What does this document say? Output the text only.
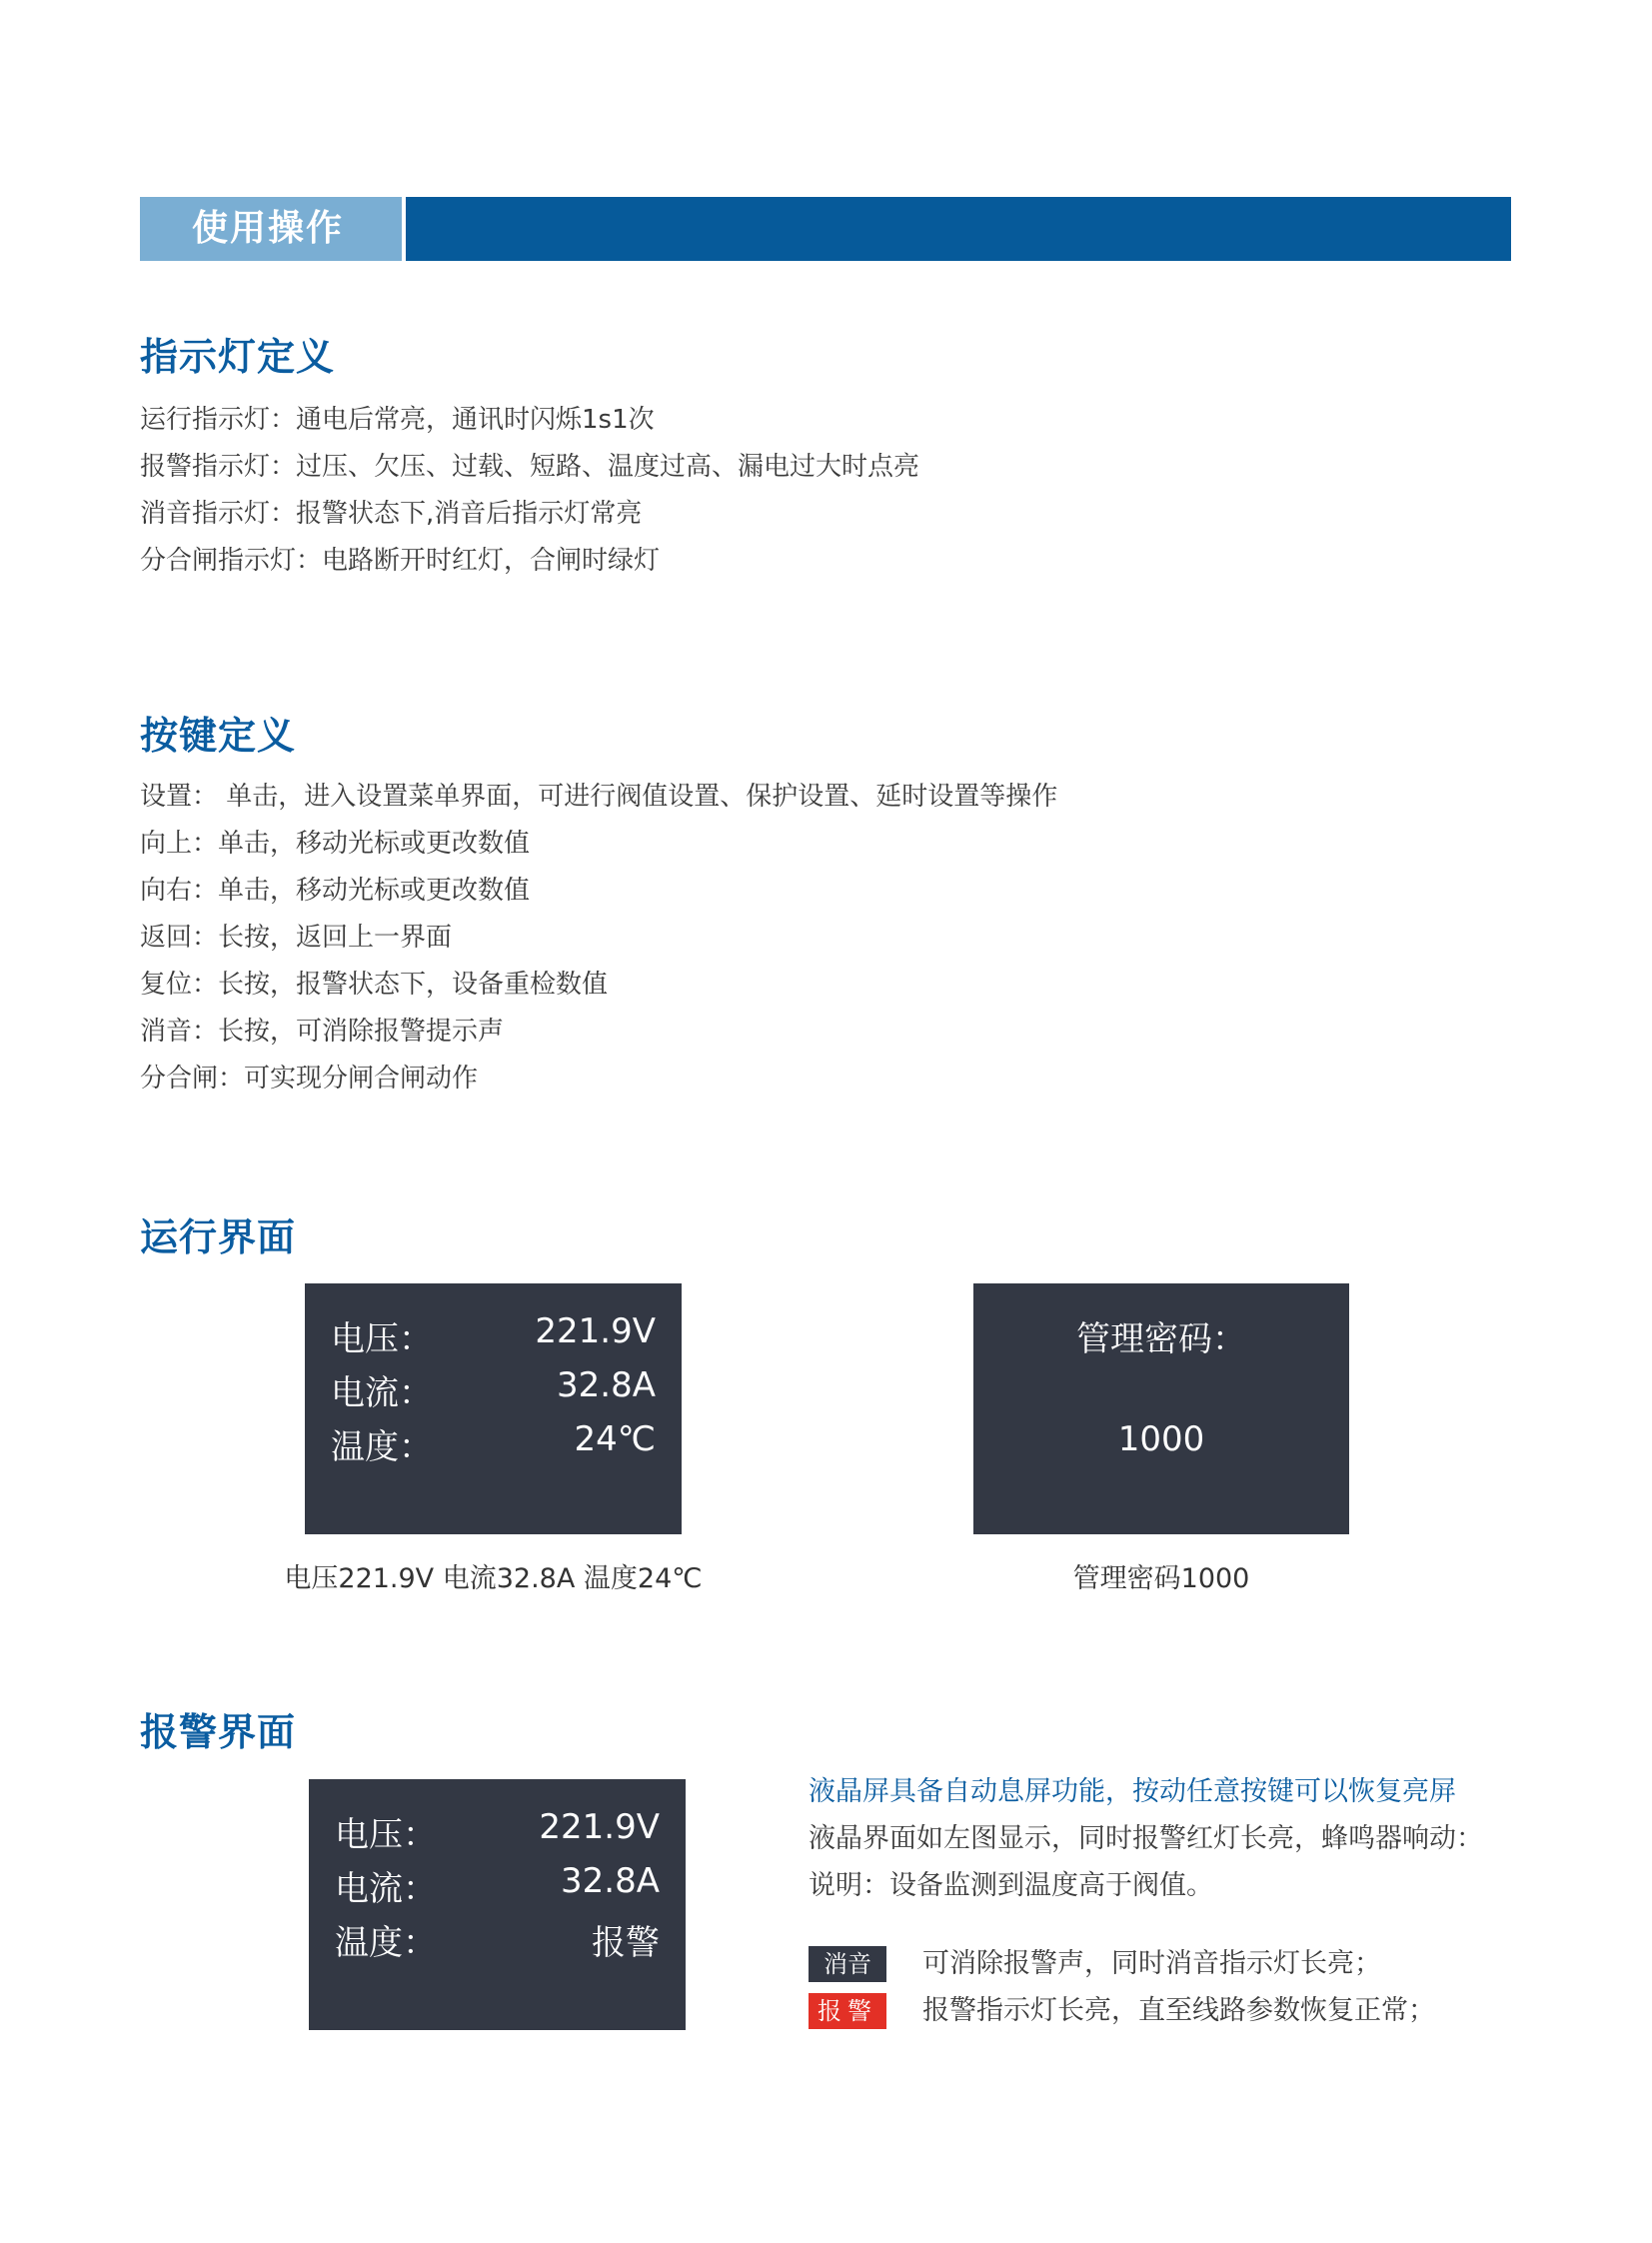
使用操作
指示灯定义
运行指示灯：通电后常亮，通讯时闪烁1s1次
报警指示灯：过压、欠压、过载、短路、温度过高、漏电过大时点亮
消音指示灯：报警状态下,消音后指示灯常亮
分合闸指示灯：电路断开时红灯，合闸时绿灯
按键定义
设置： 单击，进入设置菜单界面，可进行阀值设置、保护设置、延时设置等操作
向上：单击，移动光标或更改数值
向右：单击，移动光标或更改数值
返回：长按，返回上一界面
复位：长按，报警状态下，设备重检数值
消音：长按，可消除报警提示声
分合闸：可实现分闸合闸动作
运行界面
电压：	221.9V
电流：	32.8A
温度：	24℃
电压221.9V 电流32.8A 温度24℃
管理密码：
1000
管理密码1000
报警界面
电压：	221.9V
电流：	32.8A
温度：	报警
液晶屏具备自动息屏功能，按动任意按键可以恢复亮屏
液晶界面如左图显示，同时报警红灯长亮，蜂鸣器响动：
说明：设备监测到温度高于阀值。
消音	可消除报警声，同时消音指示灯长亮；
报警	报警指示灯长亮，直至线路参数恢复正常；
